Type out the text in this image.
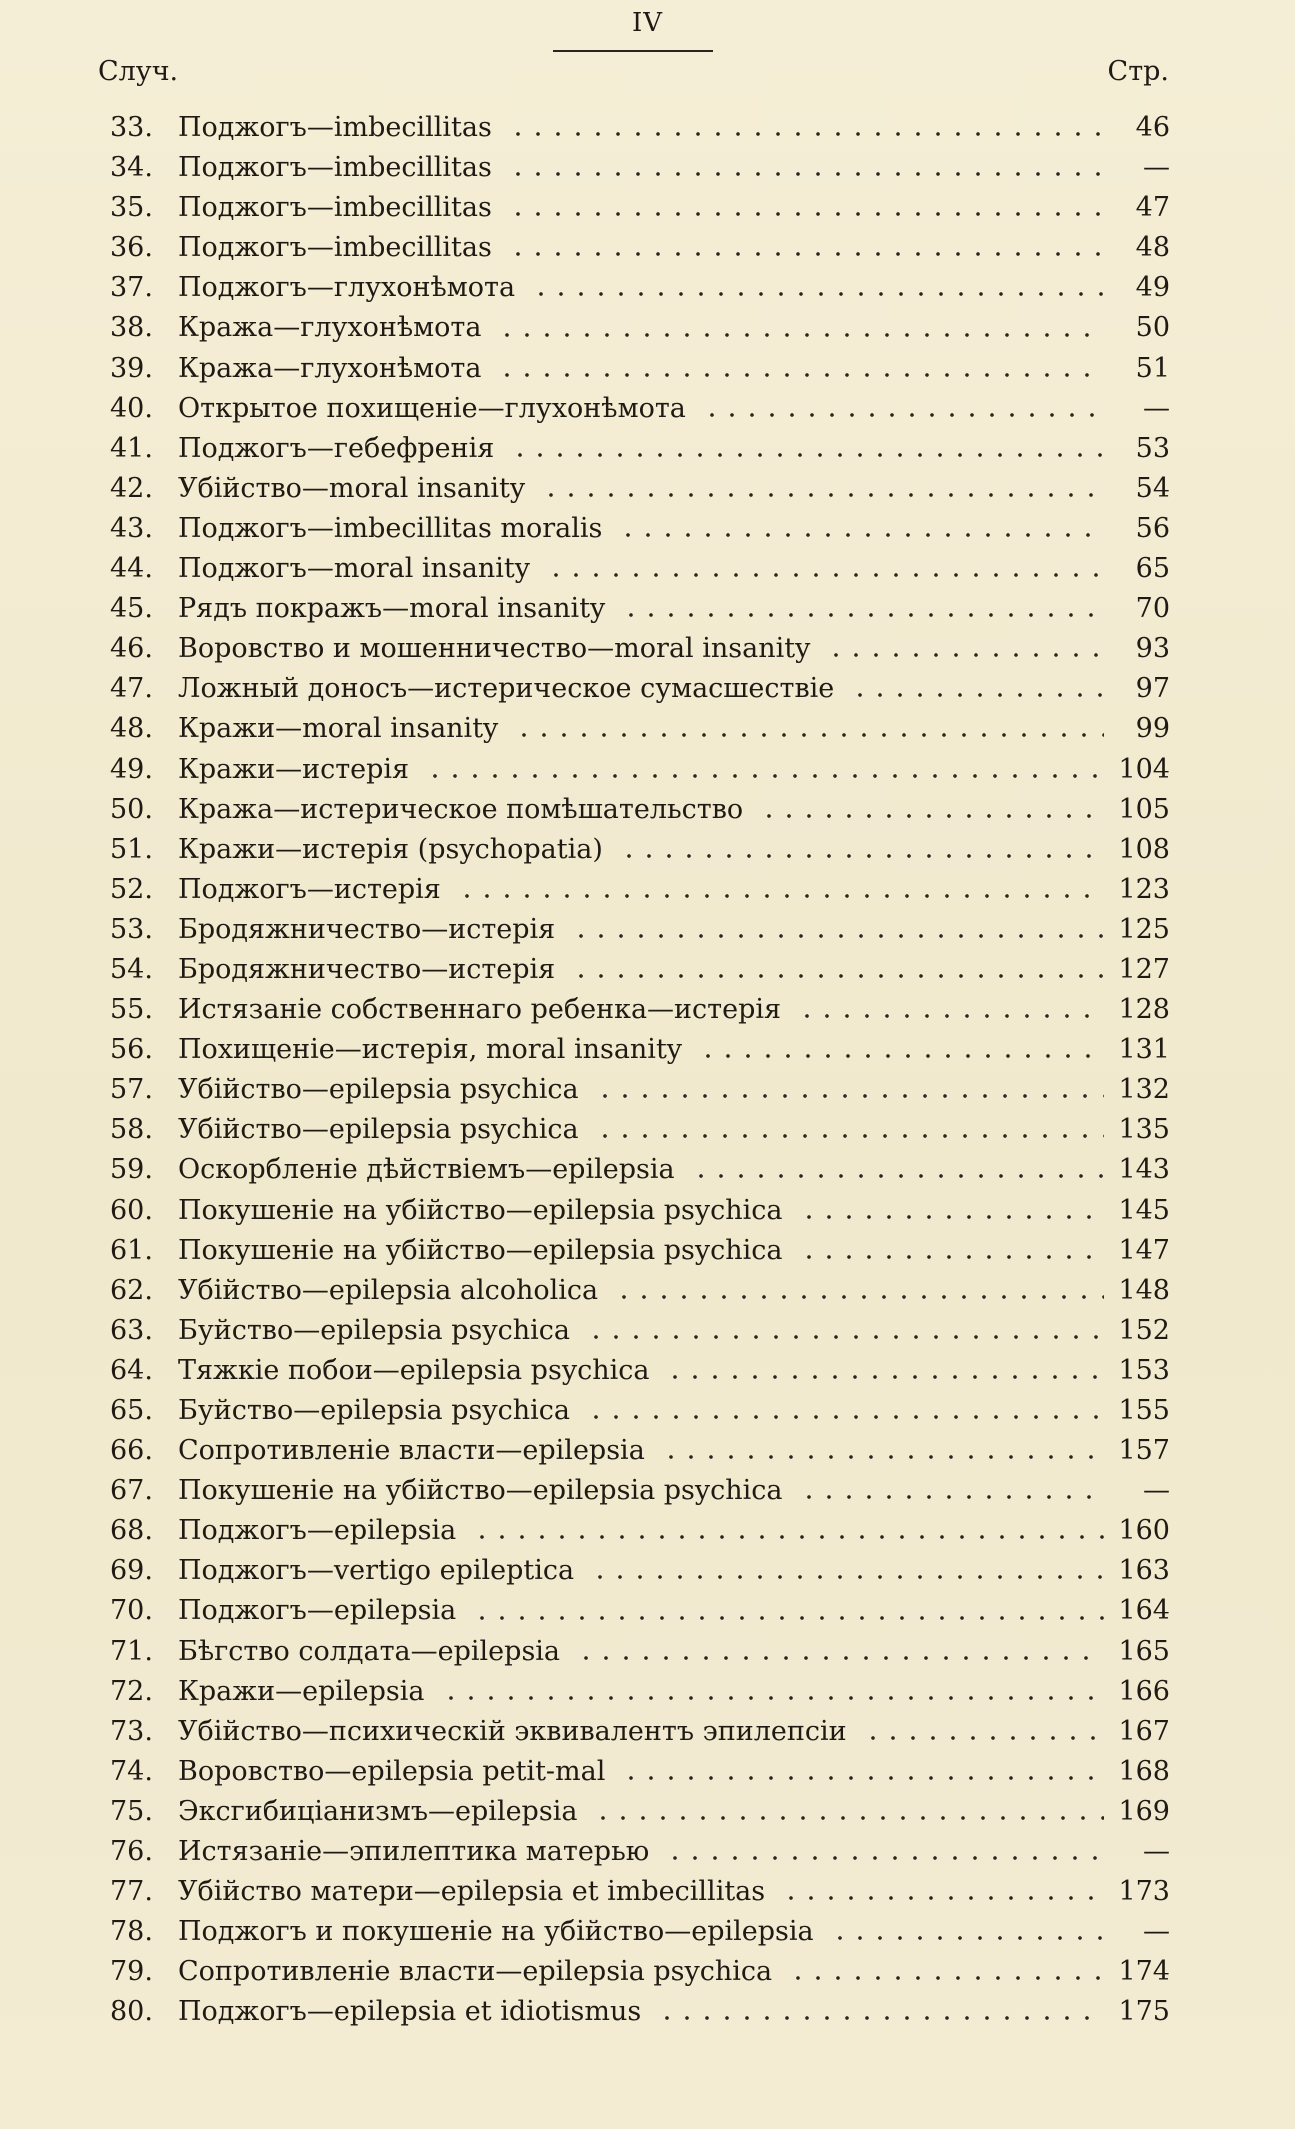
IV
Случ.	Стр.
33. Поджогъ—imbecillitas	46
34. Поджогъ—imbecillitas	—
35. Поджогъ—imbecillitas	47
36. Поджогъ—imbecillitas	48
37. Поджогъ—глухонѣмота	49
38. Кража—глухонѣмота	50
39. Кража—глухонѣмота	51
40. Открытое похищеніе—глухонѣмота	—
41. Поджогъ—гебефренія	53
42. Убійство—moral insanity	54
43. Поджогъ—imbecillitas moralis	56
44. Поджогъ—moral insanity	65
45. Рядъ покражъ—moral insanity	70
46. Воровство и мошенничество—moral insanity	93
47. Ложный доносъ—истерическое сумасшествіе	97
48. Кражи—moral insanity	99
49. Кражи—истерія	104
50. Кража—истерическое помѣшательство	105
51. Кражи—истерія (psychopatia)	108
52. Поджогъ—истерія	123
53. Бродяжничество—истерія	125
54. Бродяжничество—истерія	127
55. Истязаніе собственнаго ребенка—истерія	128
56. Похищеніе—истерія, moral insanity	131
57. Убійство—epilepsia psychica	132
58. Убійство—epilepsia psychica	135
59. Оскорбленіе дѣйствіемъ—epilepsia	143
60. Покушеніе на убійство—epilepsia psychica	145
61. Покушеніе на убійство—epilepsia psychica	147
62. Убійство—epilepsia alcoholica	148
63. Буйство—epilepsia psychica	152
64. Тяжкіе побои—epilepsia psychica	153
65. Буйство—epilepsia psychica	155
66. Сопротивленіе власти—epilepsia	157
67. Покушеніе на убійство—epilepsia psychica	—
68. Поджогъ—epilepsia	160
69. Поджогъ—vertigo epileptica	163
70. Поджогъ—epilepsia	164
71. Бѣгство солдата—epilepsia	165
72. Кражи—epilepsia	166
73. Убійство—психическій эквивалентъ эпилепсіи	167
74. Воровство—epilepsia petit-mal	168
75. Эксгибиціанизмъ—epilepsia	169
76. Истязаніе—эпилептика матерью	—
77. Убійство матери—epilepsia et imbecillitas	173
78. Поджогъ и покушеніе на убійство—epilepsia	—
79. Сопротивленіе власти—epilepsia psychica	174
80. Поджогъ—epilepsia et idiotismus	175
